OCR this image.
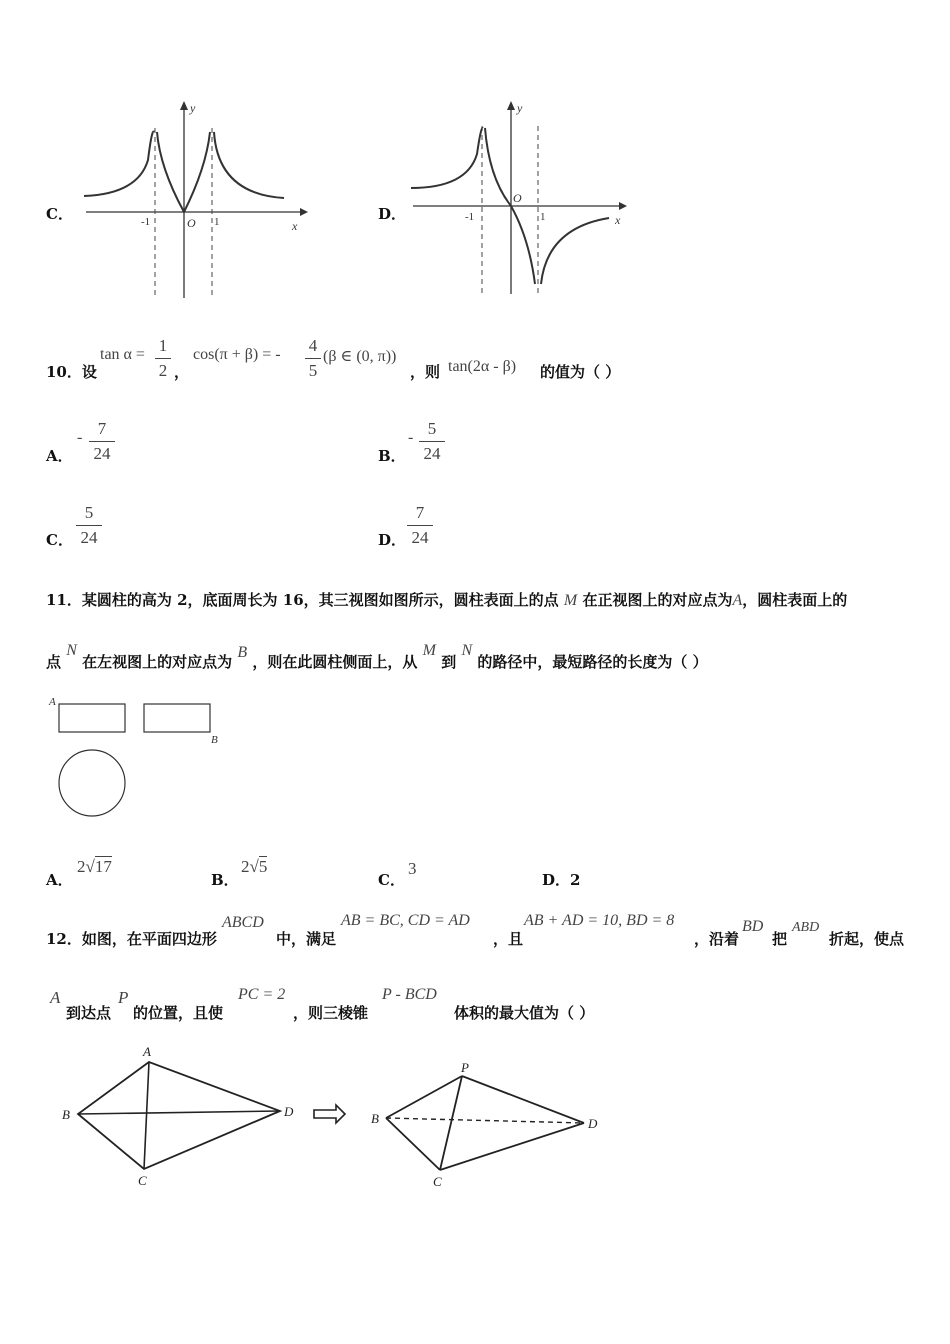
C．
y
x
O
-1	1	D．
y
x
O
-1	1
10．设
tan α = 1
2 ，
cos(π + β) = - 4
5
(β ∈ (0, π))
，则 tan(2α - β) 的值为（ ）
A．
- 7
24	B．
- 5
24
C．
5
24	D．
7
24
11．某圆柱的高为 2，底面周长为 16，其三视图如图所示，圆柱表面上的点 M 在正视图上的对应点为A，圆柱表面上的
点 N 在左视图上的对应点为 B ，则在此圆柱侧面上，从 M 到 N 的路径中，最短路径的长度为（ ）
A
B
A．
2√17
B．
2√5
C．
3
D．2
12．如图，在平面四边形
ABCD
中，满足
AB = BC, CD = AD
，且
AB + AD = 10, BD = 8
，沿着
BD
把
ABD
折起，使点
A
到达点
P
的位置，且使
PC = 2
，则三棱锥
P - BCD
体积的最大值为（ ）
A
B
C
D
P
B
C
D
